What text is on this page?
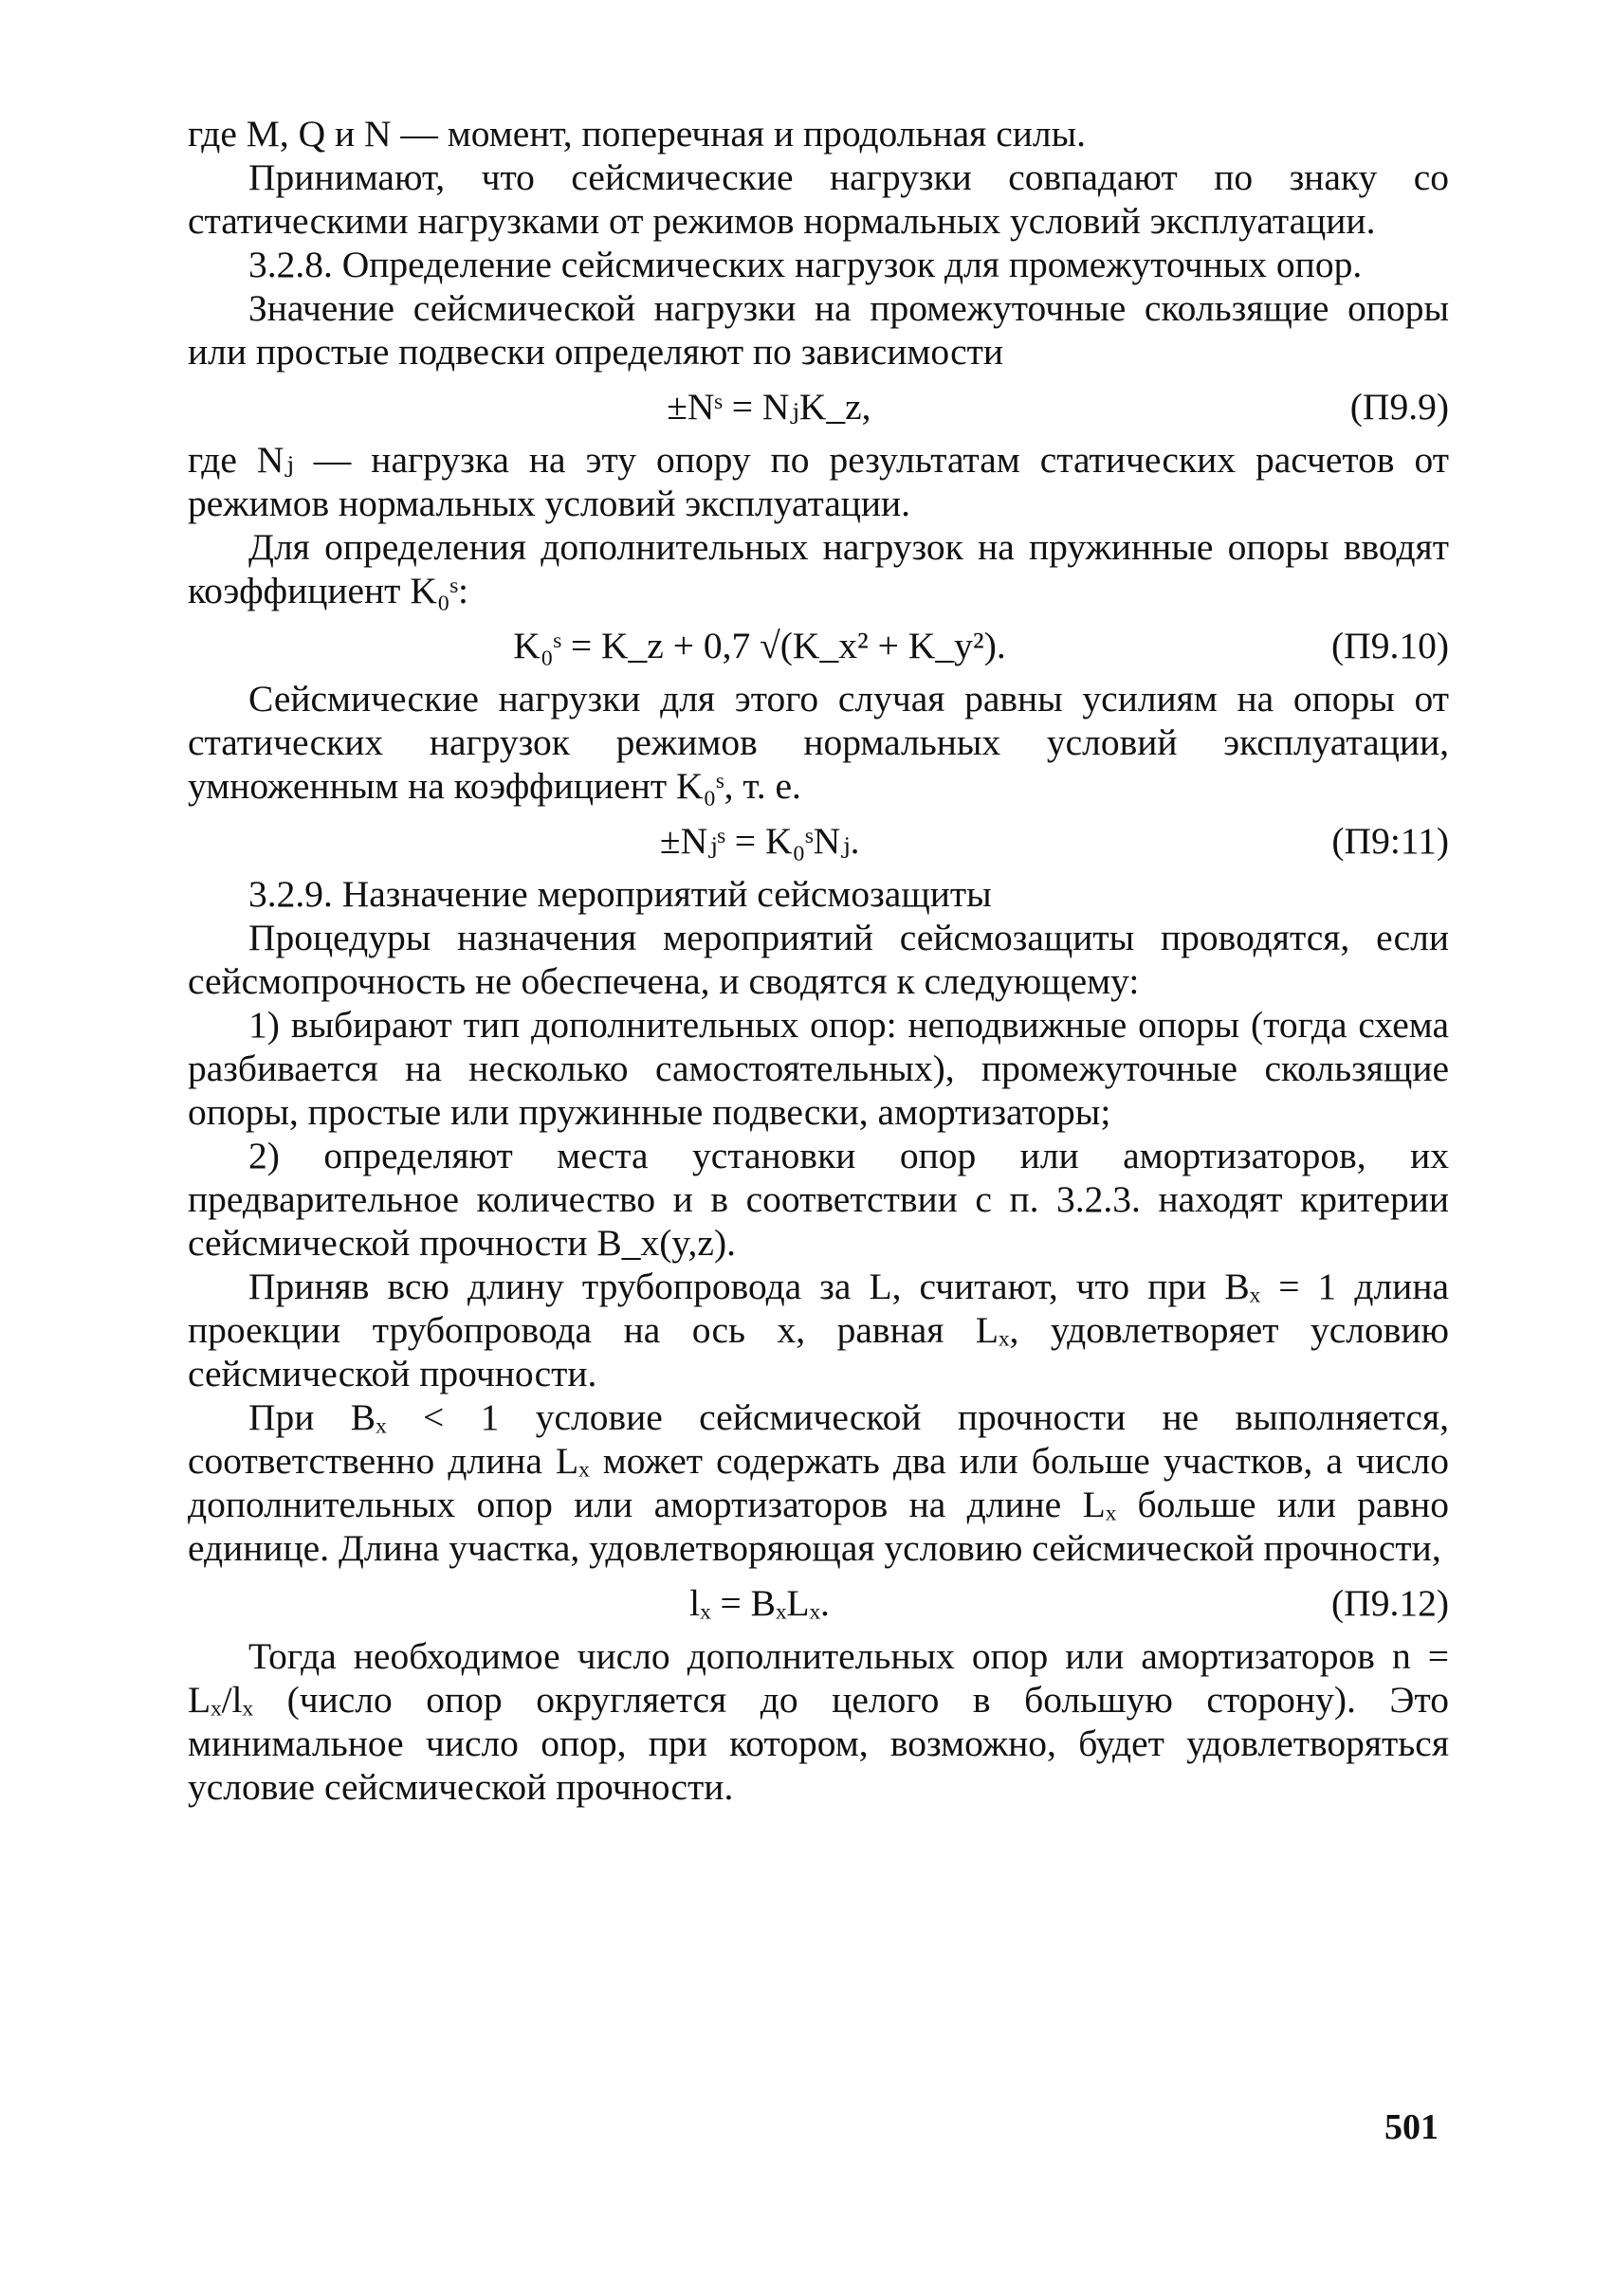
где M, Q и N — момент, поперечная и продольная силы.

Принимают, что сейсмические нагрузки совпадают по знаку со статическими нагрузками от режимов нормальных условий эксплуатации.

3.2.8. Определение сейсмических нагрузок для промежуточных опор.

Значение сейсмической нагрузки на промежуточные скользящие опоры или простые подвески определяют по зависимости

±Nˢ = NⱼK_z,	(П9.9)

где Nⱼ — нагрузка на эту опору по результатам статических расчетов от режимов нормальных условий эксплуатации.

Для определения дополнительных нагрузок на пружинные опоры вводят коэффициент K₀ˢ:

K₀ˢ = K_z + 0,7 √(K_x² + K_y²).	(П9.10)

Сейсмические нагрузки для этого случая равны усилиям на опоры от статических нагрузок режимов нормальных условий эксплуатации, умноженным на коэффициент K₀ˢ, т. е.

±Nⱼˢ = K₀ˢNⱼ.	(П9:11)

3.2.9. Назначение мероприятий сейсмозащиты

Процедуры назначения мероприятий сейсмозащиты проводятся, если сейсмопрочность не обеспечена, и сводятся к следующему:

1) выбирают тип дополнительных опор: неподвижные опоры (тогда схема разбивается на несколько самостоятельных), промежуточные скользящие опоры, простые или пружинные подвески, амортизаторы;

2) определяют места установки опор или амортизаторов, их предварительное количество и в соответствии с п. 3.2.3. находят критерии сейсмической прочности B_x(y,z).

Приняв всю длину трубопровода за L, считают, что при Bₓ = 1 длина проекции трубопровода на ось x, равная Lₓ, удовлетворяет условию сейсмической прочности.

При Bₓ < 1 условие сейсмической прочности не выполняется, соответственно длина Lₓ может содержать два или больше участков, а число дополнительных опор или амортизаторов на длине Lₓ больше или равно единице. Длина участка, удовлетворяющая условию сейсмической прочности,

lₓ = BₓLₓ.	(П9.12)

Тогда необходимое число дополнительных опор или амортизаторов n = Lₓ/lₓ (число опор округляется до целого в большую сторону). Это минимальное число опор, при котором, возможно, будет удовлетворяться условие сейсмической прочности.

501
